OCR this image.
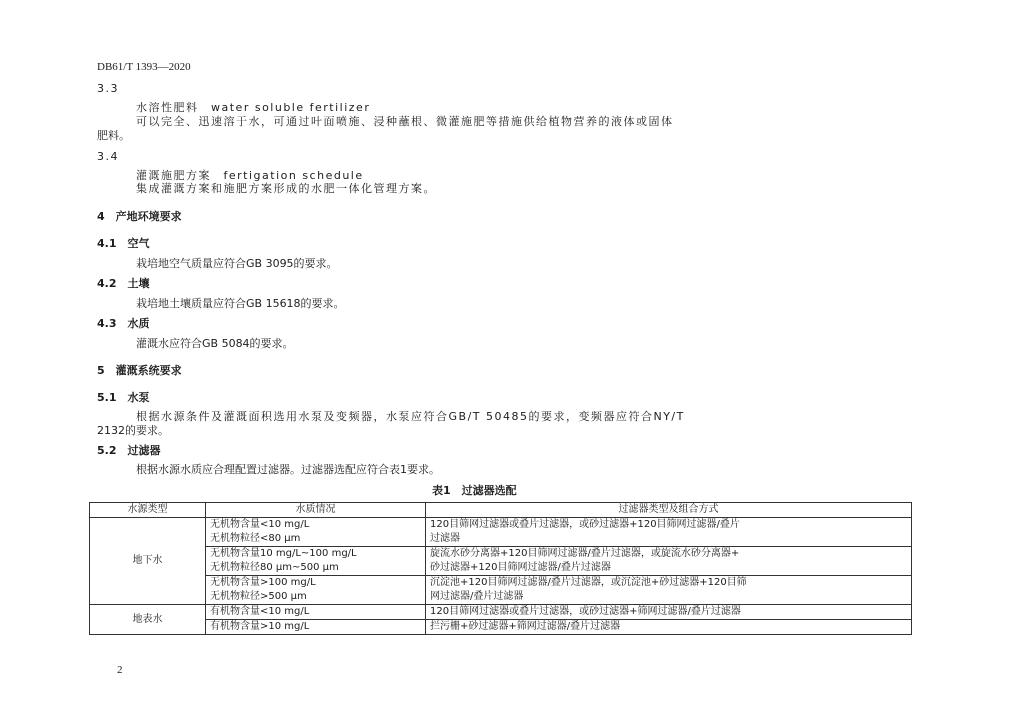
DB61/T 1393—2020
3.3
水溶性肥料　water soluble fertilizer
可以完全、迅速溶于水，可通过叶面喷施、浸种蘸根、微灌施肥等措施供给植物营养的液体或固体
肥料。
3.4
灌溉施肥方案　fertigation schedule
集成灌溉方案和施肥方案形成的水肥一体化管理方案。
4　产地环境要求
4.1　空气
栽培地空气质量应符合GB 3095的要求。
4.2　土壤
栽培地土壤质量应符合GB 15618的要求。
4.3　水质
灌溉水应符合GB 5084的要求。
5　灌溉系统要求
5.1　水泵
根据水源条件及灌溉面积选用水泵及变频器，水泵应符合GB/T 50485的要求，变频器应符合NY/T
2132的要求。
5.2　过滤器
根据水源水质应合理配置过滤器。过滤器选配应符合表1要求。
表1　过滤器选配
水源类型	水质情况	过滤器类型及组合方式
地下水	无机物含量<10 mg/L
无机物粒径<80 μm	120目筛网过滤器或叠片过滤器，或砂过滤器+120目筛网过滤器/叠片
过滤器

	无机物含量10 mg/L~100 mg/L
无机物粒径80 μm~500 μm	旋流水砂分离器+120目筛网过滤器/叠片过滤器，或旋流水砂分离器+
砂过滤器+120目筛网过滤器/叠片过滤器

	无机物含量>100 mg/L
无机物粒径>500 μm	沉淀池+120目筛网过滤器/叠片过滤器，或沉淀池+砂过滤器+120目筛
网过滤器/叠片过滤器

地表水	有机物含量<10 mg/L	120目筛网过滤器或叠片过滤器，或砂过滤器+筛网过滤器/叠片过滤器
	有机物含量>10 mg/L	拦污栅+砂过滤器+筛网过滤器/叠片过滤器
2
